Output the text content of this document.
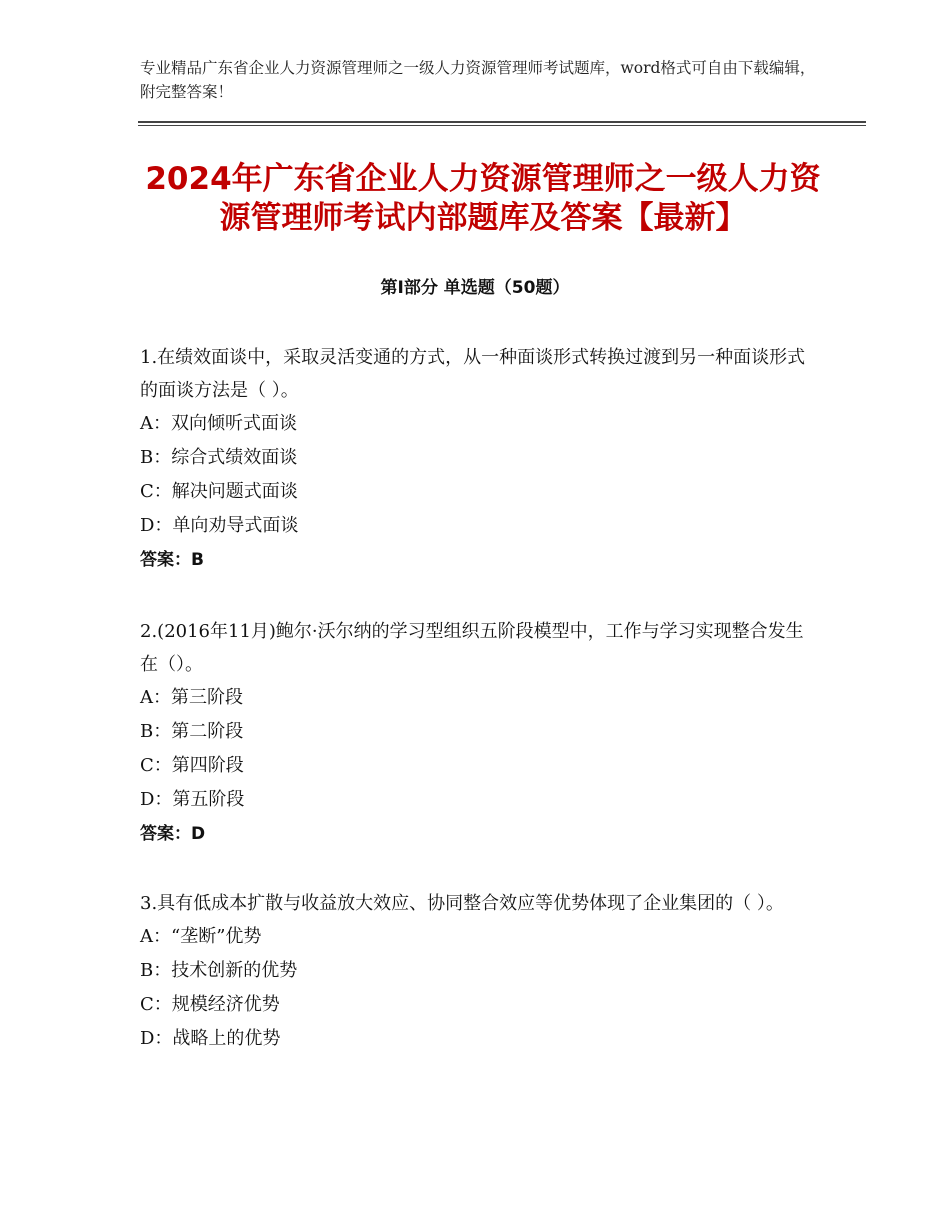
专业精品广东省企业人力资源管理师之一级人力资源管理师考试题库，word格式可自由下载编辑，附完整答案！
2024年广东省企业人力资源管理师之一级人力资源管理师考试内部题库及答案【最新】
第I部分 单选题（50题）
1.在绩效面谈中，采取灵活变通的方式，从一种面谈形式转换过渡到另一种面谈形式的面谈方法是（ ）。
A：双向倾听式面谈
B：综合式绩效面谈
C：解决问题式面谈
D：单向劝导式面谈
答案：B
2.(2016年11月)鲍尔·沃尔纳的学习型组织五阶段模型中，工作与学习实现整合发生在（）。
A：第三阶段
B：第二阶段
C：第四阶段
D：第五阶段
答案：D
3.具有低成本扩散与收益放大效应、协同整合效应等优势体现了企业集团的（ ）。
A：“垄断”优势
B：技术创新的优势
C：规模经济优势
D：战略上的优势
